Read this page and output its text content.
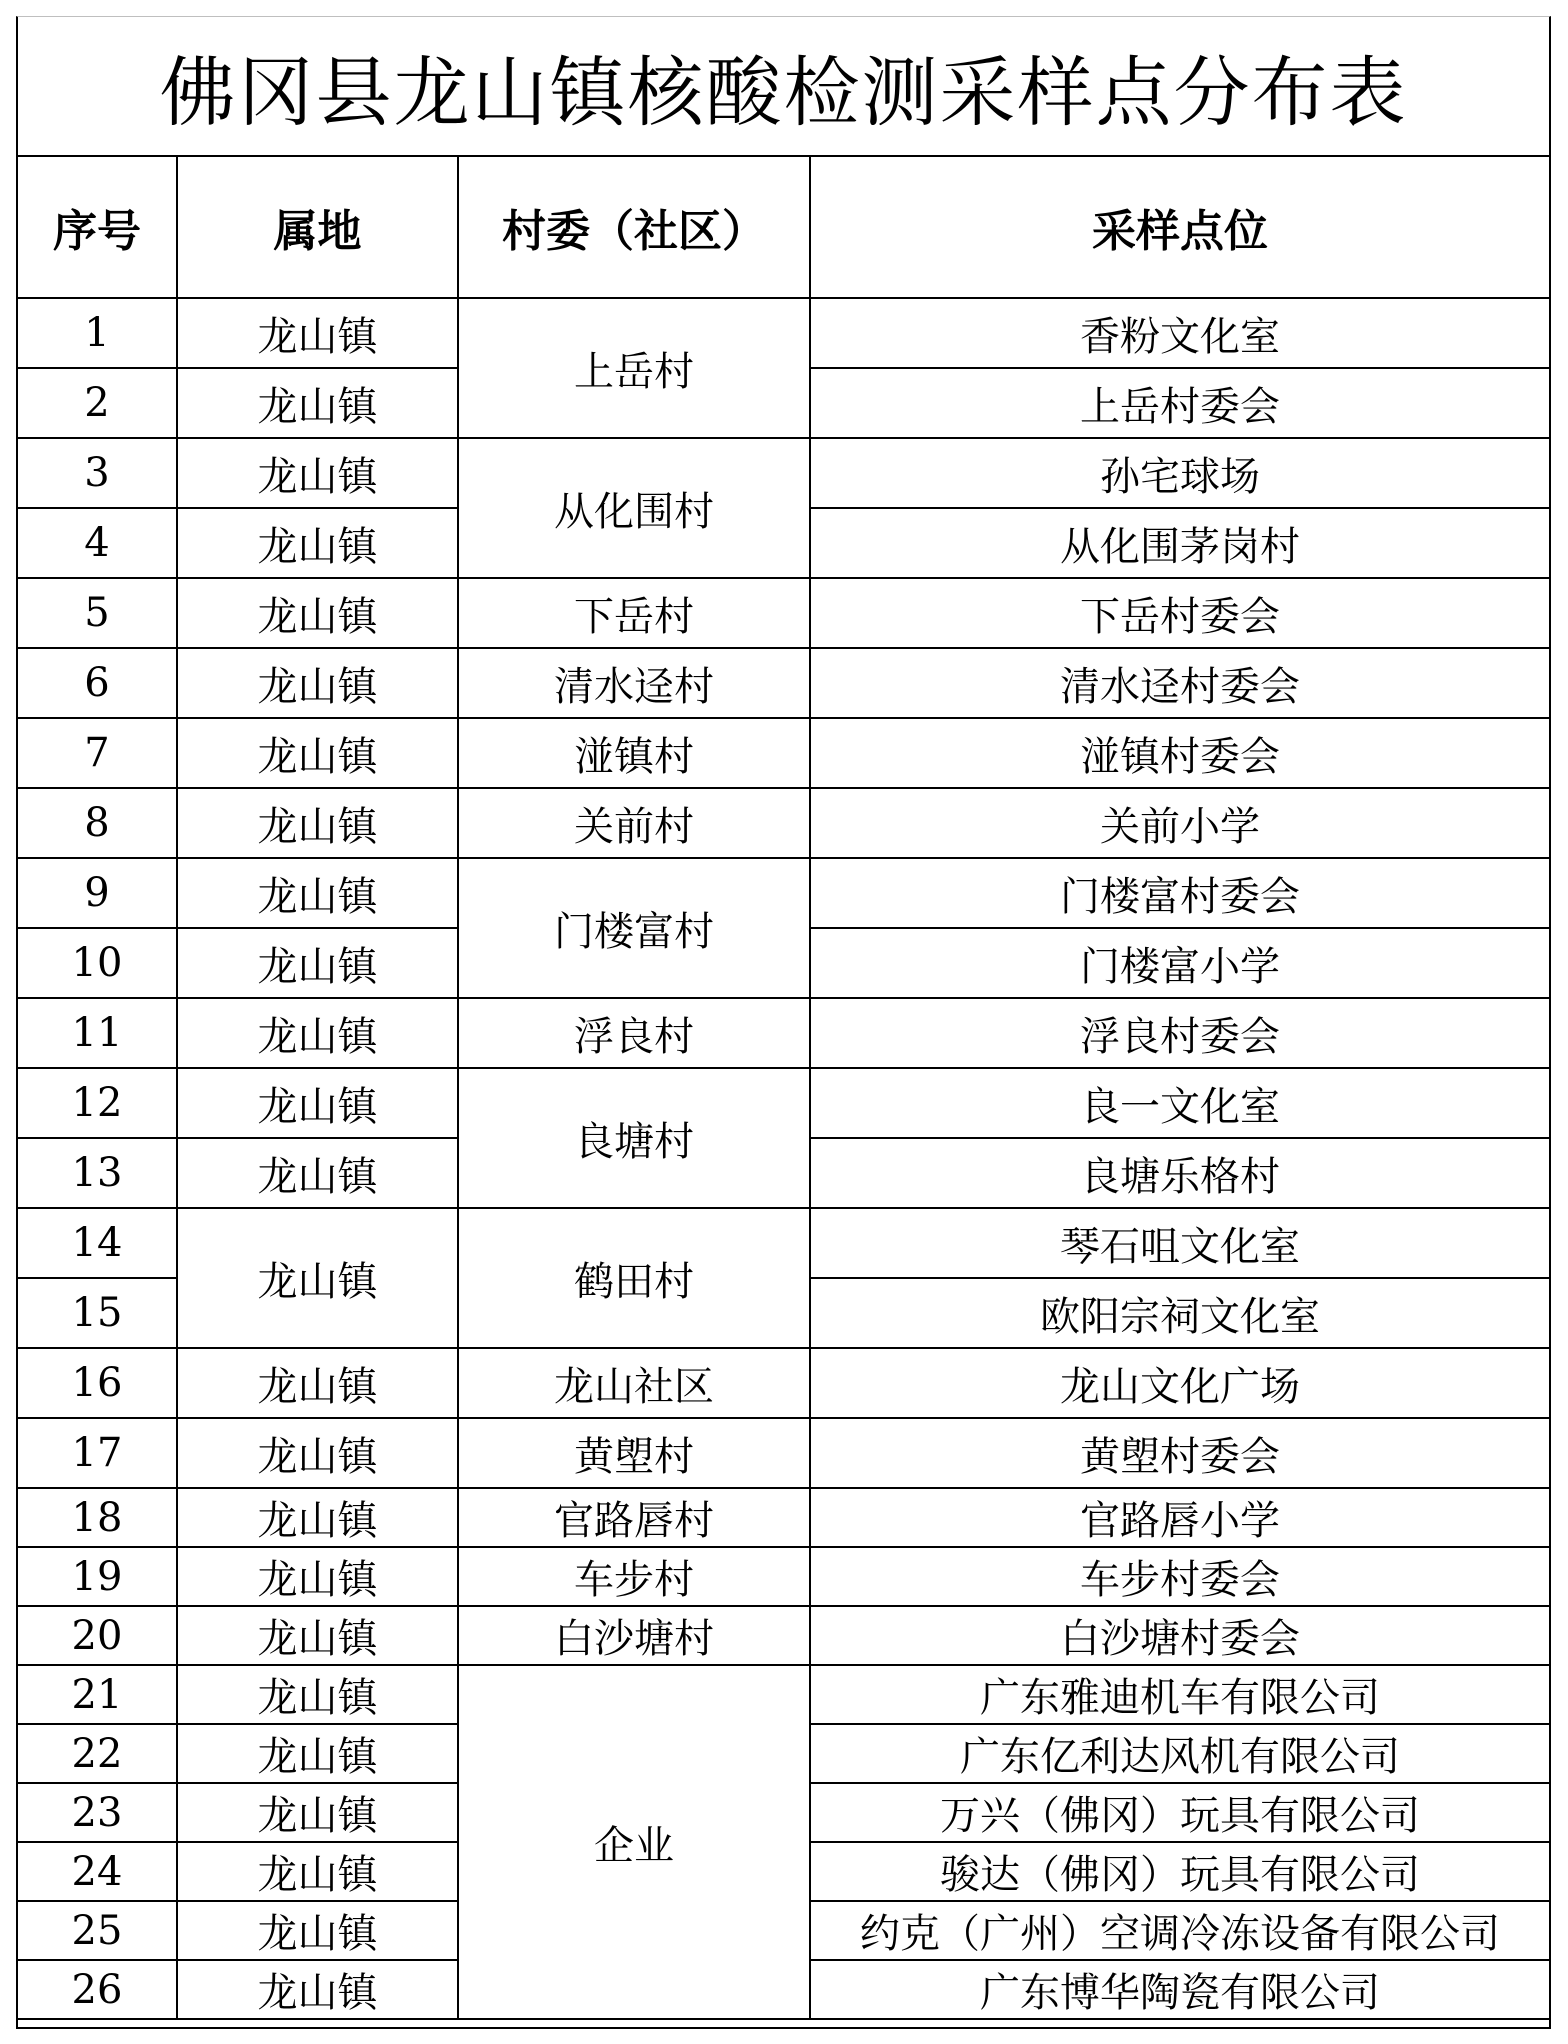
佛冈县龙山镇核酸检测采样点分布表
序号	属地	村委（社区）	采样点位
1	龙山镇	上岳村	香粉文化室
2	龙山镇		上岳村委会
3	龙山镇	从化围村	孙宅球场
4	龙山镇		从化围茅岗村
5	龙山镇	下岳村	下岳村委会
6	龙山镇	清水迳村	清水迳村委会
7	龙山镇	湴镇村	湴镇村委会
8	龙山镇	关前村	关前小学
9	龙山镇	门楼富村	门楼富村委会
10	龙山镇		门楼富小学
11	龙山镇	浮良村	浮良村委会
12	龙山镇	良塘村	良一文化室
13	龙山镇		良塘乐格村
14	龙山镇	鹤田村	琴石咀文化室
15			欧阳宗祠文化室
16	龙山镇	龙山社区	龙山文化广场
17	龙山镇	黄塱村	黄塱村委会
18	龙山镇	官路唇村	官路唇小学
19	龙山镇	车步村	车步村委会
20	龙山镇	白沙塘村	白沙塘村委会
21	龙山镇	企业	广东雅迪机车有限公司
22	龙山镇		广东亿利达风机有限公司
23	龙山镇		万兴（佛冈）玩具有限公司
24	龙山镇		骏达（佛冈）玩具有限公司
25	龙山镇		约克（广州）空调冷冻设备有限公司
26	龙山镇		广东博华陶瓷有限公司
